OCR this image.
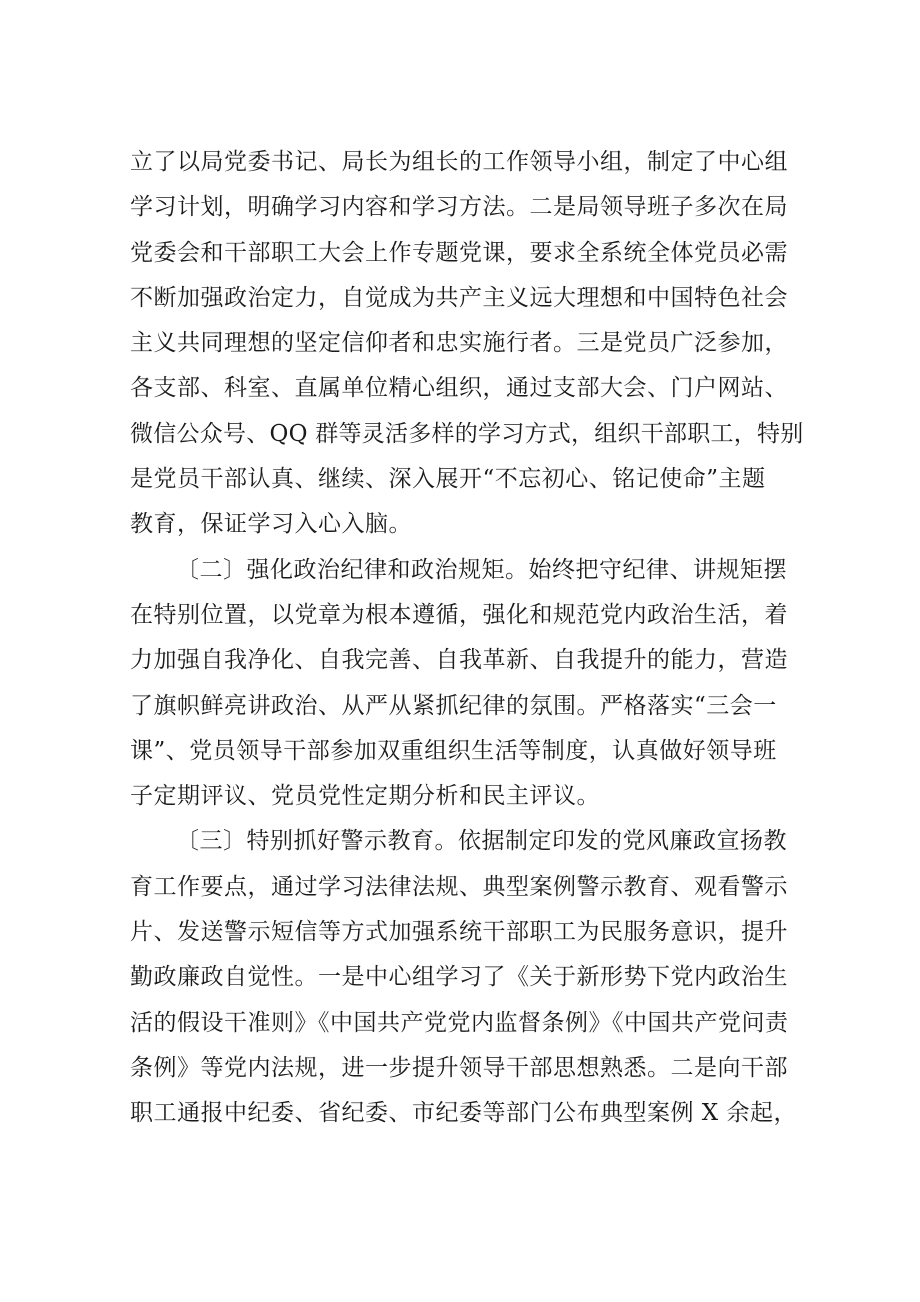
立了以局党委书记、局长为组长的工作领导小组，制定了中心组
学习计划，明确学习内容和学习方法。二是局领导班子多次在局
党委会和干部职工大会上作专题党课，要求全系统全体党员必需
不断加强政治定力，自觉成为共产主义远大理想和中国特色社会
主义共同理想的坚定信仰者和忠实施行者。三是党员广泛参加，
各支部、科室、直属单位精心组织，通过支部大会、门户网站、
微信公众号、QQ 群等灵活多样的学习方式，组织干部职工，特别
是党员干部认真、继续、深入展开“不忘初心、铭记使命”主题
教育，保证学习入心入脑。

〔二〕强化政治纪律和政治规矩。始终把守纪律、讲规矩摆
在特别位置，以党章为根本遵循，强化和规范党内政治生活，着
力加强自我净化、自我完善、自我革新、自我提升的能力，营造
了旗帜鲜亮讲政治、从严从紧抓纪律的氛围。严格落实“三会一
课”、党员领导干部参加双重组织生活等制度，认真做好领导班
子定期评议、党员党性定期分析和民主评议。

〔三〕特别抓好警示教育。依据制定印发的党风廉政宣扬教
育工作要点，通过学习法律法规、典型案例警示教育、观看警示
片、发送警示短信等方式加强系统干部职工为民服务意识，提升
勤政廉政自觉性。一是中心组学习了《关于新形势下党内政治生
活的假设干准则》《中国共产党党内监督条例》《中国共产党问责
条例》等党内法规，进一步提升领导干部思想熟悉。二是向干部
职工通报中纪委、省纪委、市纪委等部门公布典型案例 X 余起，
